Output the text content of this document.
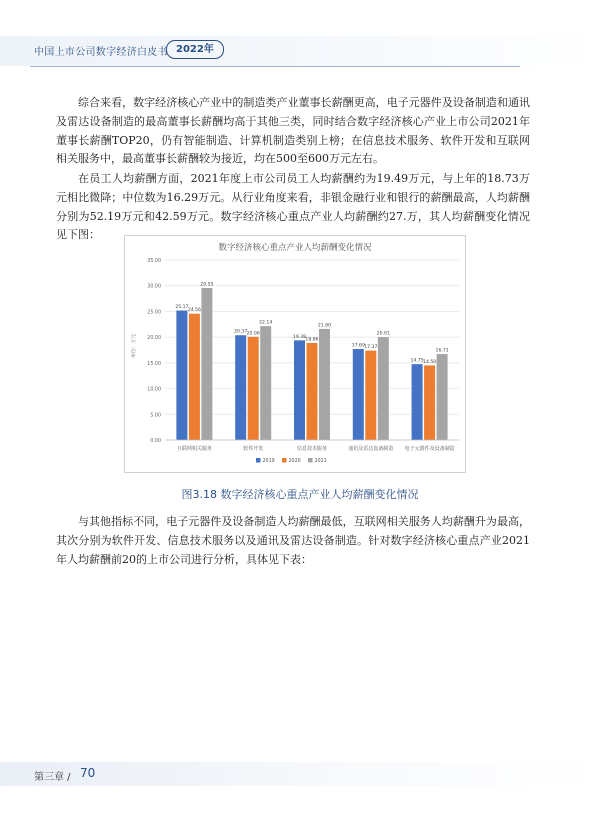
中国上市公司数字经济白皮书 2022年

综合来看，数字经济核心产业中的制造类产业董事长薪酬更高，电子元器件及设备制造和通讯及雷达设备制造的最高董事长薪酬均高于其他三类，同时结合数字经济核心产业上市公司2021年董事长薪酬TOP20，仍有智能制造、计算机制造类别上榜；在信息技术服务、软件开发和互联网相关服务中，最高董事长薪酬较为接近，均在500至600万元左右。

在员工人均薪酬方面，2021年度上市公司员工人均薪酬约为19.49万元，与上年的18.73万元相比微降；中位数为16.29万元。从行业角度来看，非银金融行业和银行的薪酬最高，人均薪酬分别为52.19万元和42.59万元。数字经济核心重点产业人均薪酬约27.万，其人均薪酬变化情况见下图：

数字经济核心重点产业人均薪酬变化情况
0.00
5.00
10.00
15.00
20.00
25.00
30.00
35.00
单位：万元
25.17
24.56
29.55
互联网相关服务
20.37 20.06
22.14
软件开发
19.38
18.86
21.60
信息技术服务
17.69 17.37
20.01
通讯及雷达设备制造
14.75 14.50
16.71
电子元器件及设备制造
2019	2020	2021
图3.18 数字经济核心重点产业人均薪酬变化情况

与其他指标不同，电子元器件及设备制造人均薪酬最低，互联网相关服务人均薪酬升为最高，其次分别为软件开发、信息技术服务以及通讯及雷达设备制造。针对数字经济核心重点产业2021年人均薪酬前20的上市公司进行分析，具体见下表：

第三章 / 70
